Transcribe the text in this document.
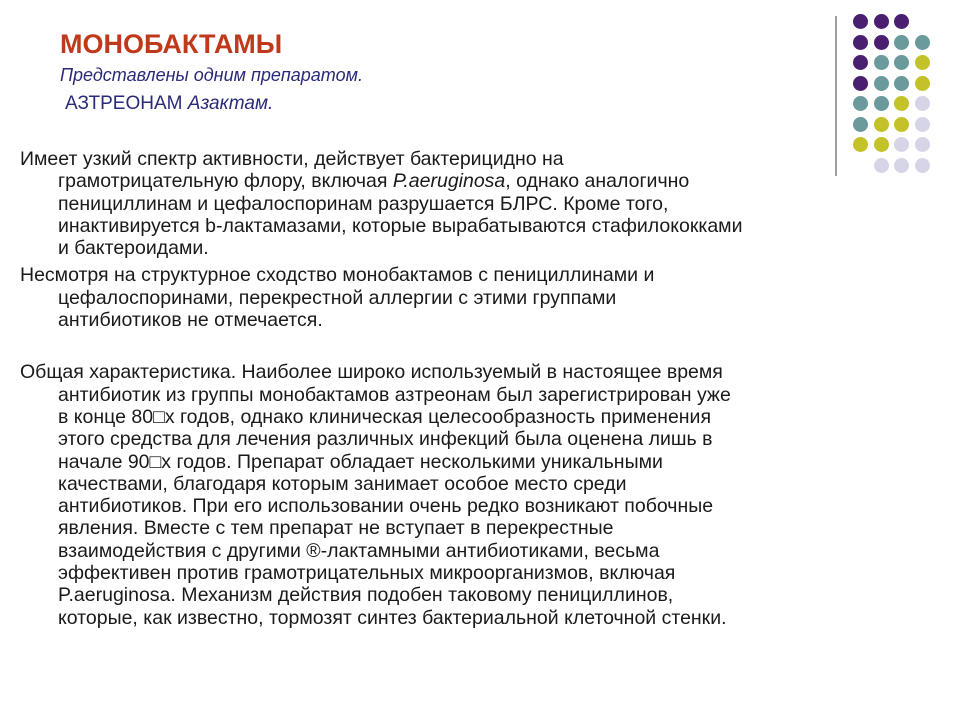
МОНОБАКТАМЫ
Представлены одним препаратом.
АЗТРЕОНАМ Азактам.
Имеет узкий спектр активности, действует бактерицидно на
грамотрицательную флору, включая P.aeruginosa, однако аналогично
пенициллинам и цефалоспоринам разрушается БЛРС. Кроме того,
инактивируется b-лактамазами, которые вырабатываются стафилококками
и бактероидами.
Несмотря на структурное сходство монобактамов с пенициллинами и
цефалоспоринами, перекрестной аллергии с этими группами
антибиотиков не отмечается.
Общая характеристика. Наиболее широко используемый в настоящее время
антибиотик из группы монобактамов азтреонам был зарегистрирован уже
в конце 80□х годов, однако клиническая целесообразность применения
этого средства для лечения различных инфекций была оценена лишь в
начале 90□х годов. Препарат обладает несколькими уникальными
качествами, благодаря которым занимает особое место среди
антибиотиков. При его использовании очень редко возникают побочные
явления. Вместе с тем препарат не вступает в перекрестные
взаимодействия с другими ®-лактамными антибиотиками, весьма
эффективен против грамотрицательных микроорганизмов, включая
P.aeruginosa. Механизм действия подобен таковому пенициллинов,
которые, как известно, тормозят синтез бактериальной клеточной стенки.
